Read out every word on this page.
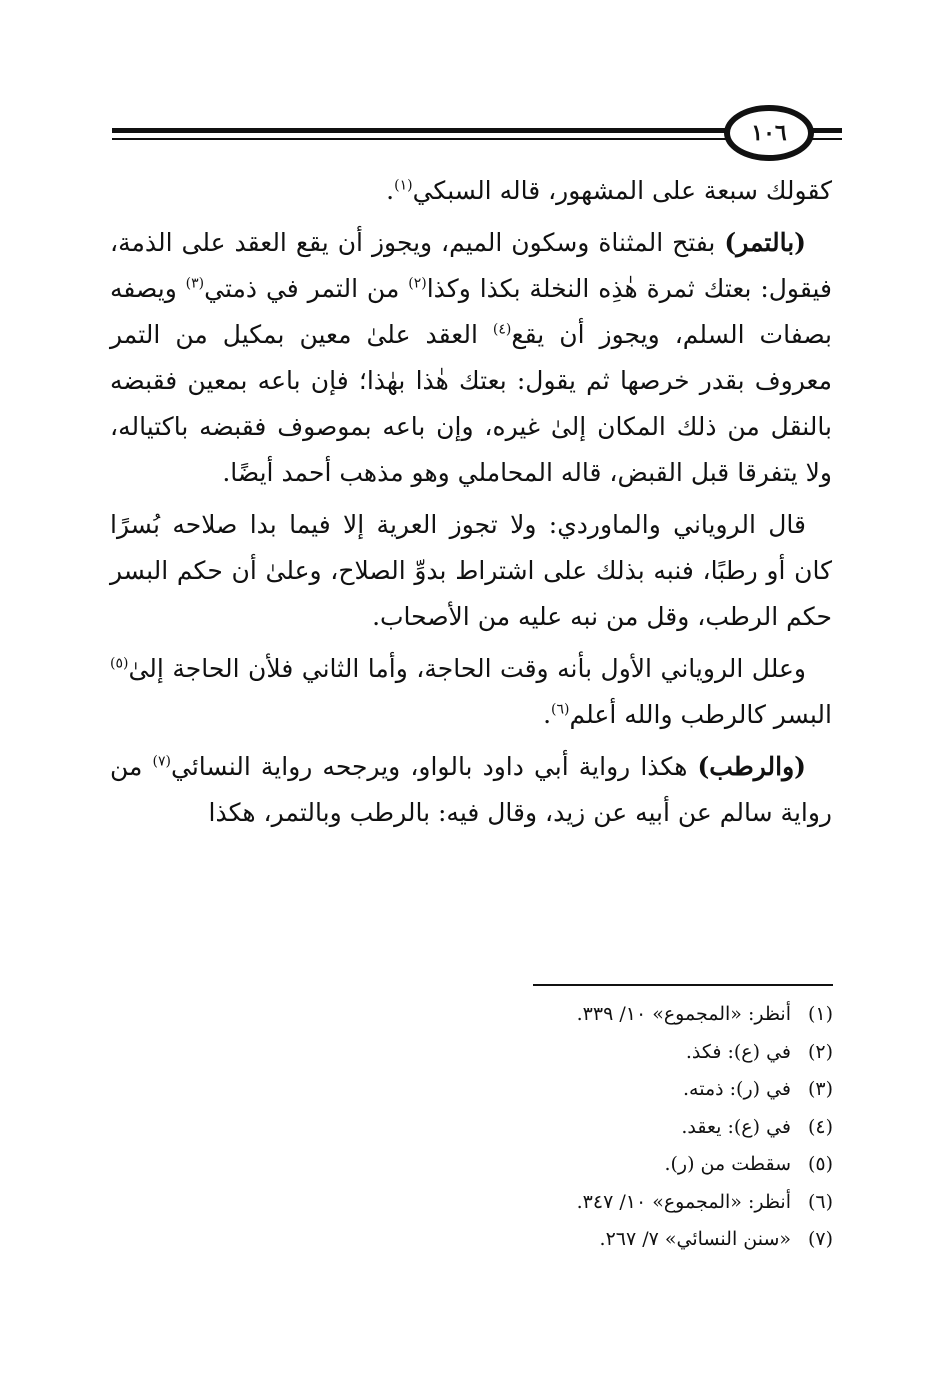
١٠٦

كقولك سبعة على المشهور، قاله السبكي$^{(١)}$.

(بالتمر) بفتح المثناة وسكون الميم، ويجوز أن يقع العقد على الذمة، فيقول: بعتك ثمرة هٰذِه النخلة بكذا وكذا$^{(٢)}$ من التمر في ذمتي$^{(٣)}$ ويصفه بصفات السلم، ويجوز أن يقع$^{(٤)}$ العقد علىٰ معين بمكيل من التمر معروف بقدر خرصها ثم يقول: بعتك هٰذا بهٰذا؛ فإن باعه بمعين فقبضه بالنقل من ذلك المكان إلىٰ غيره، وإن باعه بموصوف فقبضه باكتياله، ولا يتفرقا قبل القبض، قاله المحاملي وهو مذهب أحمد أيضًا.

قال الروياني والماوردي: ولا تجوز العرية إلا فيما بدا صلاحه بُسرًا كان أو رطبًا، فنبه بذلك على اشتراط بدوِّ الصلاح، وعلىٰ أن حكم البسر حكم الرطب، وقل من نبه عليه من الأصحاب.

وعلل الروياني الأول بأنه وقت الحاجة، وأما الثاني فلأن الحاجة إلىٰ$^{(٥)}$ البسر كالرطب والله أعلم$^{(٦)}$.

(والرطب) هكذا رواية أبي داود بالواو، ويرجحه رواية النسائي$^{(٧)}$ من رواية سالم عن أبيه عن زيد، وقال فيه: بالرطب وبالتمر، هكذا

(١)
أنظر: «المجموع» ١٠/ ٣٣٩.
(٢)
في (ع): فكذ.
(٣)
في (ر): ذمته.
(٤)
في (ع): يعقد.
(٥)
سقطت من (ر).
(٦)
أنظر: «المجموع» ١٠/ ٣٤٧.
(٧)
«سنن النسائي» ٧/ ٢٦٧.
